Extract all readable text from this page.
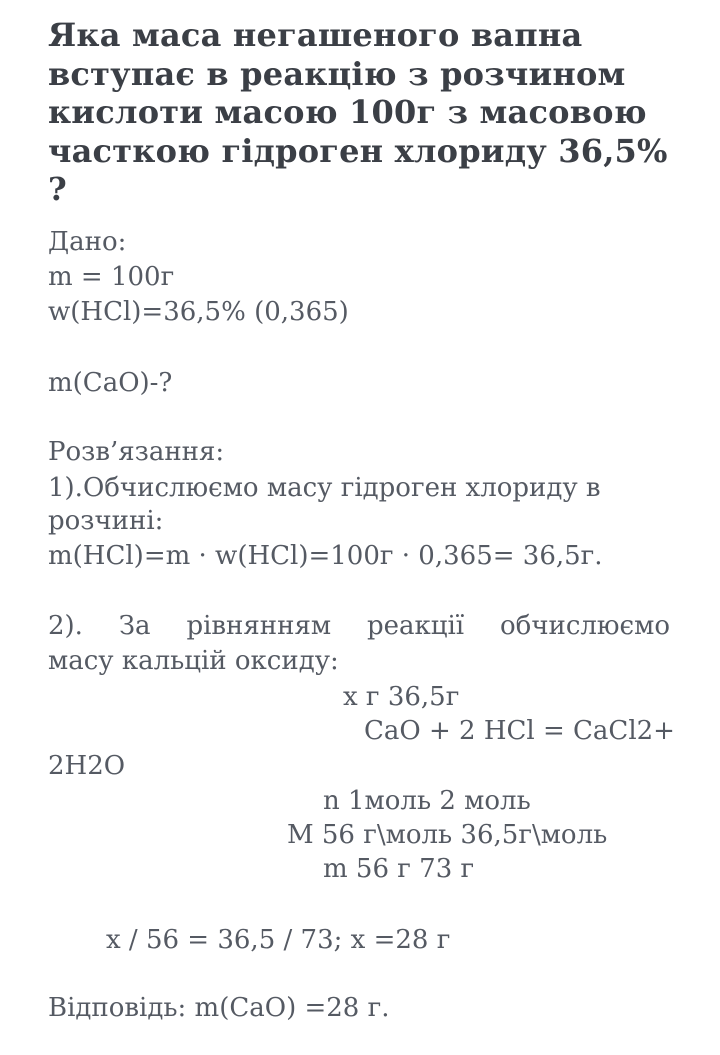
Яка маса негашеного вапна вступає в реакцію з розчином кислоти масою 100г з масовою часткою гідроген хлориду 36,5% ?
Дано:
m = 100г
w(HCl)=36,5% (0,365)
m(CaO)-?
Розв’язання:
1).Обчислюємо масу гідроген хлориду в
розчині:
m(HCl)=m · w(HCl)=100г · 0,365= 36,5г.
2). За рівнянням реакції обчислюємо
масу кальцій оксиду:
х г 36,5г
CaO + 2 HCl = CaCl2+
2H2O
n 1моль 2 моль
M 56 г\моль 36,5г\моль
m 56 г 73 г
х / 56 = 36,5 / 73; х =28 г
Відповідь: m(CaO) =28 г.
